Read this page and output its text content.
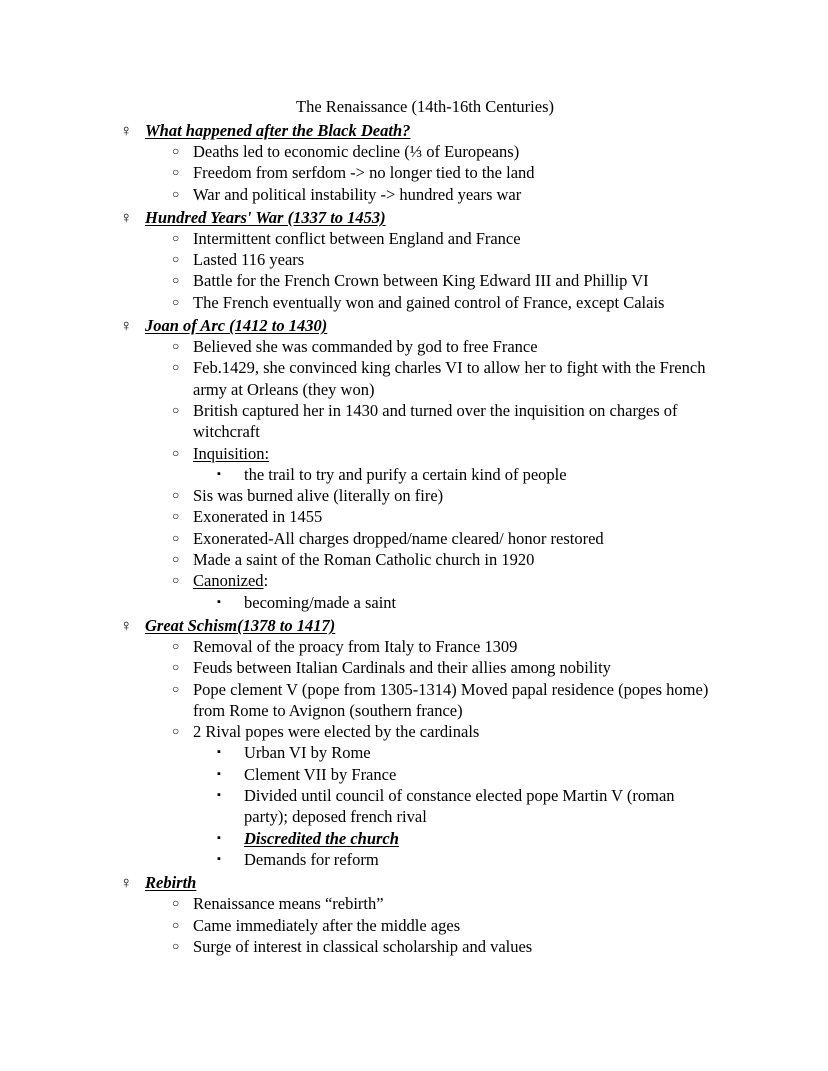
The Renaissance (14th-16th Centuries)
♀ What happened after the Black Death?
○ Deaths led to economic decline (⅓ of Europeans)
○ Freedom from serfdom -> no longer tied to the land
○ War and political instability -> hundred years war
♀ Hundred Years' War (1337 to 1453)
○ Intermittent conflict between England and France
○ Lasted 116 years
○ Battle for the French Crown between King Edward III and Phillip VI
○ The French eventually won and gained control of France, except Calais
♀ Joan of Arc (1412 to 1430)
○ Believed she was commanded by god to free France
○ Feb.1429, she convinced king charles VI to allow her to fight with the French army at Orleans (they won)
○ British captured her in 1430 and turned over the inquisition on charges of witchcraft
○ Inquisition:
▪ the trail to try and purify a certain kind of people
○ Sis was burned alive (literally on fire)
○ Exonerated in 1455
○ Exonerated-All charges dropped/name cleared/ honor restored
○ Made a saint of the Roman Catholic church in 1920
○ Canonized:
▪ becoming/made a saint
♀ Great Schism(1378 to 1417)
○ Removal of the proacy from Italy to France 1309
○ Feuds between Italian Cardinals and their allies among nobility
○ Pope clement V (pope from 1305-1314) Moved papal residence (popes home) from Rome to Avignon (southern france)
○ 2 Rival popes were elected by the cardinals
▪ Urban VI by Rome
▪ Clement VII by France
▪ Divided until council of constance elected pope Martin V (roman party); deposed french rival
▪ Discredited the church
▪ Demands for reform
♀ Rebirth
○ Renaissance means “rebirth”
○ Came immediately after the middle ages
○ Surge of interest in classical scholarship and values
